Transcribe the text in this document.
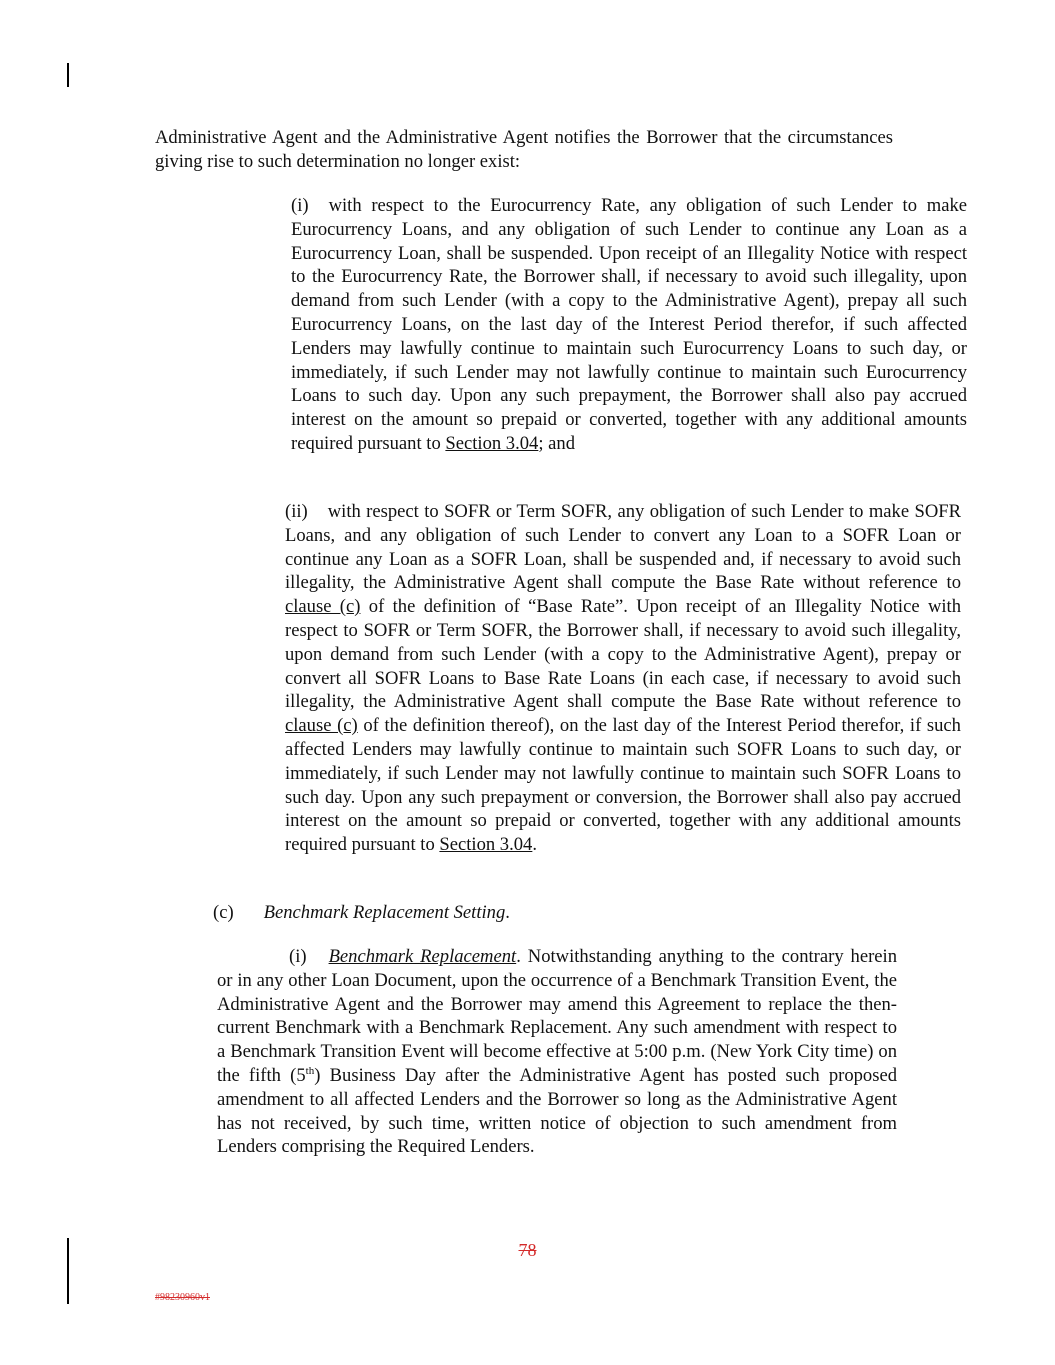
Administrative Agent and the Administrative Agent notifies the Borrower that the circumstances giving rise to such determination no longer exist:

(i) with respect to the Eurocurrency Rate, any obligation of such Lender to make Eurocurrency Loans, and any obligation of such Lender to continue any Loan as a Eurocurrency Loan, shall be suspended. Upon receipt of an Illegality Notice with respect to the Eurocurrency Rate, the Borrower shall, if necessary to avoid such illegality, upon demand from such Lender (with a copy to the Administrative Agent), prepay all such Eurocurrency Loans, on the last day of the Interest Period therefor, if such affected Lenders may lawfully continue to maintain such Eurocurrency Loans to such day, or immediately, if such Lender may not lawfully continue to maintain such Eurocurrency Loans to such day. Upon any such prepayment, the Borrower shall also pay accrued interest on the amount so prepaid or converted, together with any additional amounts required pursuant to Section 3.04; and

(ii) with respect to SOFR or Term SOFR, any obligation of such Lender to make SOFR Loans, and any obligation of such Lender to convert any Loan to a SOFR Loan or continue any Loan as a SOFR Loan, shall be suspended and, if necessary to avoid such illegality, the Administrative Agent shall compute the Base Rate without reference to clause (c) of the definition of “Base Rate”. Upon receipt of an Illegality Notice with respect to SOFR or Term SOFR, the Borrower shall, if necessary to avoid such illegality, upon demand from such Lender (with a copy to the Administrative Agent), prepay or convert all SOFR Loans to Base Rate Loans (in each case, if necessary to avoid such illegality, the Administrative Agent shall compute the Base Rate without reference to clause (c) of the definition thereof), on the last day of the Interest Period therefor, if such affected Lenders may lawfully continue to maintain such SOFR Loans to such day, or immediately, if such Lender may not lawfully continue to maintain such SOFR Loans to such day. Upon any such prepayment or conversion, the Borrower shall also pay accrued interest on the amount so prepaid or converted, together with any additional amounts required pursuant to Section 3.04.

(c) Benchmark Replacement Setting.

(i) Benchmark Replacement. Notwithstanding anything to the contrary herein or in any other Loan Document, upon the occurrence of a Benchmark Transition Event, the Administrative Agent and the Borrower may amend this Agreement to replace the then-current Benchmark with a Benchmark Replacement. Any such amendment with respect to a Benchmark Transition Event will become effective at 5:00 p.m. (New York City time) on the fifth (5th) Business Day after the Administrative Agent has posted such proposed amendment to all affected Lenders and the Borrower so long as the Administrative Agent has not received, by such time, written notice of objection to such amendment from Lenders comprising the Required Lenders.

78
#98230960v1
